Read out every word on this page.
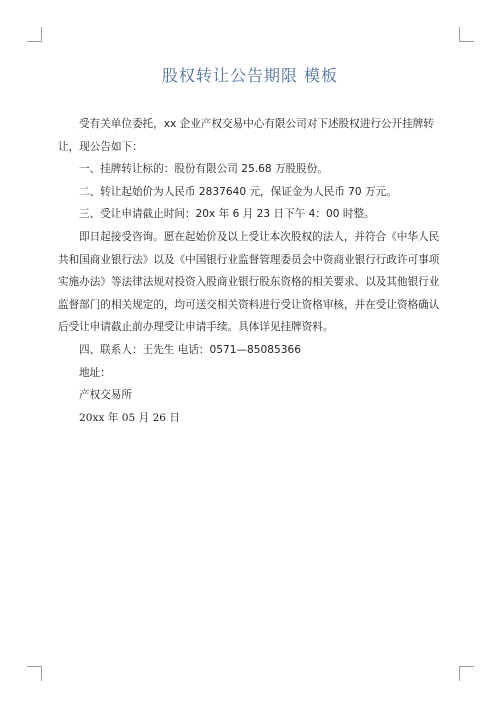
股权转让公告期限 模板

受有关单位委托，xx 企业产权交易中心有限公司对下述股权进行公开挂牌转让，现公告如下：

一、挂牌转让标的：股份有限公司 25.68 万股股份。

二、转让起始价为人民币 2837640 元，保证金为人民币 70 万元。

三、受让申请截止时间：20x 年 6 月 23 日下午 4：00 时整。

即日起接受咨询。愿在起始价及以上受让本次股权的法人，并符合《中华人民共和国商业银行法》以及《中国银行业监督管理委员会中资商业银行行政许可事项实施办法》等法律法规对投资入股商业银行股东资格的相关要求、以及其他银行业监督部门的相关规定的，均可送交相关资料进行受让资格审核，并在受让资格确认后受让申请截止前办理受让申请手续。具体详见挂牌资料。

四、联系人：王先生 电话：0571—85085366

地址：

产权交易所

20xx 年 05 月 26 日
